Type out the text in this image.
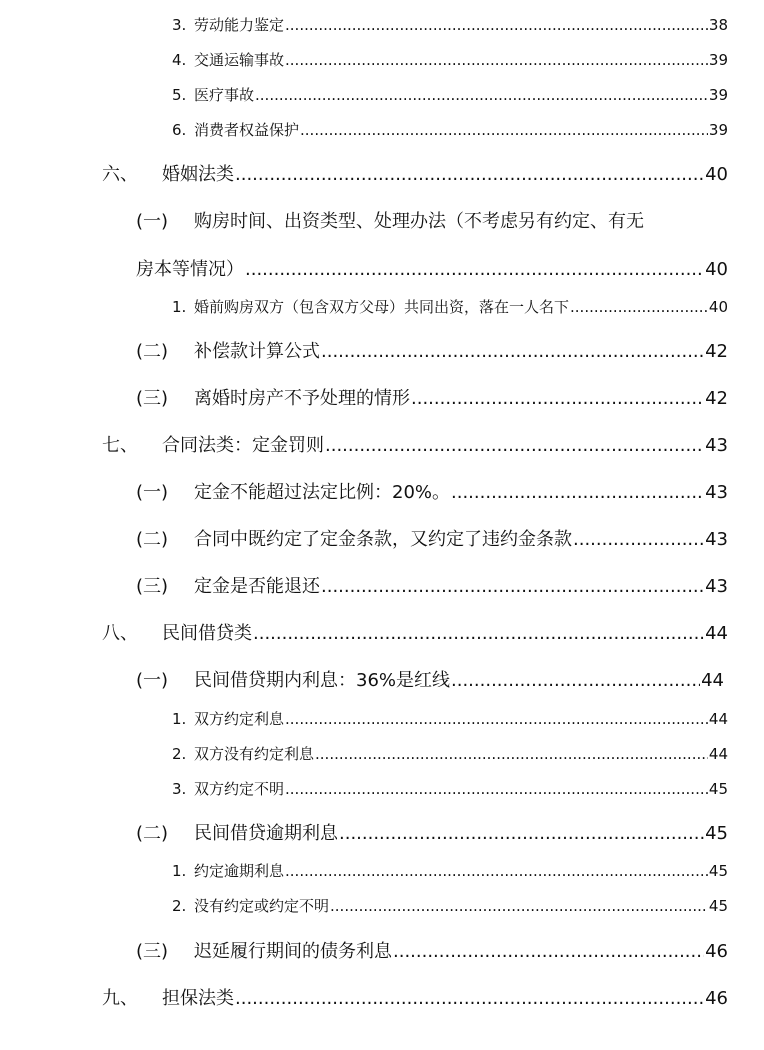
3. 劳动能力鉴定 .....	38
4. 交通运输事故 .....	39
5. 医疗事故 .....	39
6. 消费者权益保护 .....	39
六、	婚姻法类 .....	40
(一)	购房时间、出资类型、处理办法（不考虑另有约定、有无
房本等情况） .....	40
1. 婚前购房双方（包含双方父母）共同出资，落在一人名下 .....	40
(二)	补偿款计算公式 .....	42
(三)	离婚时房产不予处理的情形 .....	42
七、	合同法类：定金罚则 .....	43
(一)	定金不能超过法定比例：20%。 .....	43
(二)	合同中既约定了定金条款，又约定了违约金条款 .....	43
(三)	定金是否能退还 .....	43
八、	民间借贷类 .....	44
(一)	民间借贷期内利息：36%是红线 .....	44
1. 双方约定利息 .....	44
2. 双方没有约定利息 .....	44
3. 双方约定不明 .....	45
(二)	民间借贷逾期利息 .....	45
1. 约定逾期利息 .....	45
2. 没有约定或约定不明 .....	45
(三)	迟延履行期间的债务利息 .....	46
九、	担保法类 .....	46
